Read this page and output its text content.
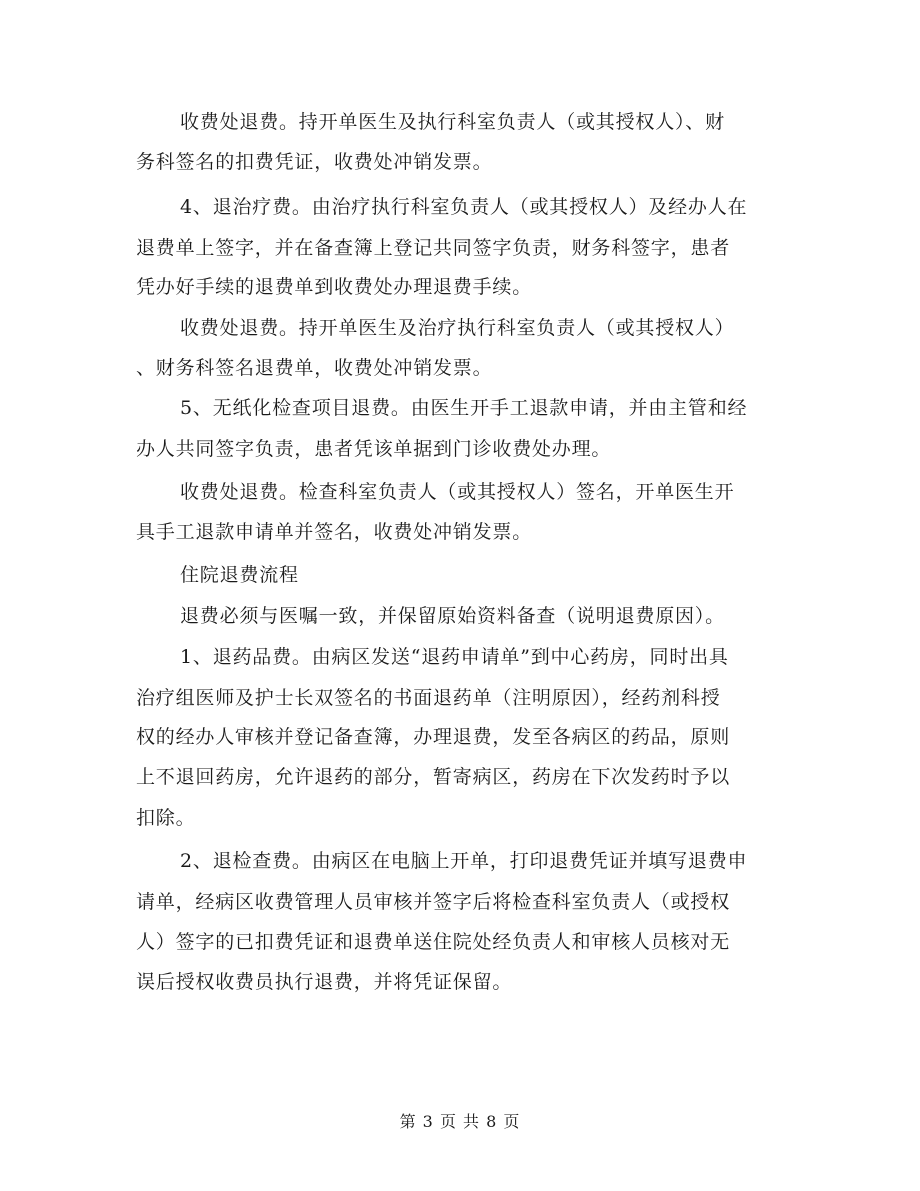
收费处退费。持开单医生及执行科室负责人（或其授权人）、财
务科签名的扣费凭证，收费处冲销发票。
4、退治疗费。由治疗执行科室负责人（或其授权人）及经办人在
退费单上签字，并在备查簿上登记共同签字负责，财务科签字，患者
凭办好手续的退费单到收费处办理退费手续。
收费处退费。持开单医生及治疗执行科室负责人（或其授权人）
、财务科签名退费单，收费处冲销发票。
5、无纸化检查项目退费。由医生开手工退款申请，并由主管和经
办人共同签字负责，患者凭该单据到门诊收费处办理。
收费处退费。检查科室负责人（或其授权人）签名，开单医生开
具手工退款申请单并签名，收费处冲销发票。
住院退费流程
退费必须与医嘱一致，并保留原始资料备查（说明退费原因）。
1、退药品费。由病区发送“退药申请单”到中心药房，同时出具
治疗组医师及护士长双签名的书面退药单（注明原因），经药剂科授
权的经办人审核并登记备查簿，办理退费，发至各病区的药品，原则
上不退回药房，允许退药的部分，暂寄病区，药房在下次发药时予以
扣除。
2、退检查费。由病区在电脑上开单，打印退费凭证并填写退费申
请单，经病区收费管理人员审核并签字后将检查科室负责人（或授权
人）签字的已扣费凭证和退费单送住院处经负责人和审核人员核对无
误后授权收费员执行退费，并将凭证保留。
第 3 页 共 8 页
